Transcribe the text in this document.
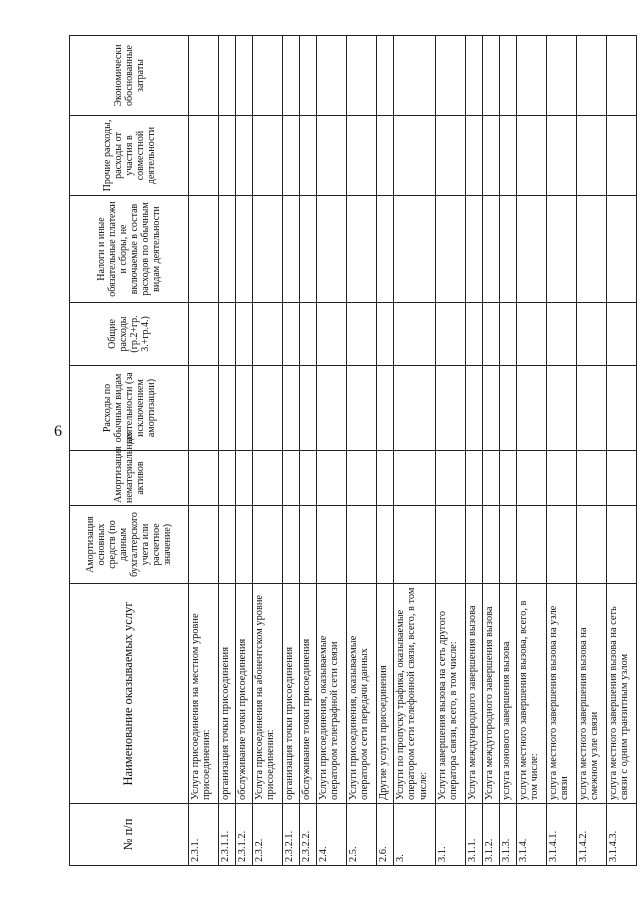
6
№ п/п	Наименование оказываемых услуг	Амортизация основных средств (по данным бухгалтерского учета или расчетное значение)	Амортизация нематериальных активов	Расходы по обычным видам деятельности (за исключением амортизации)	Общие расходы (гр.2+гр. 3.+гр.4.)	Налоги и иные обязательные платежи и сборы, не включаемые в состав расходов по обычным видам деятельности	Прочие расходы, расходы от участия в совместной деятельности	Экономически обоснованные затраты
2.3.1.	Услуга присоединения на местном уровне присоединения:							
2.3.1.1.	организация точки присоединения							
2.3.1.2.	обслуживание точки присоединения							
2.3.2.	Услуга присоединения на абонентском уровне присоединения:							
2.3.2.1.	организация точки присоединения							
2.3.2.2.	обслуживание точки присоединения							
2.4.	Услуги присоединения, оказываемые оператором телеграфной сети связи							
2.5.	Услуги присоединения, оказываемые оператором сети передачи данных							
2.6.	Другие услуги присоединения							
3.	Услуги по пропуску трафика, оказываемые оператором сети телефонной связи, всего, в том числе:							
3.1.	Услуги завершения вызова на сеть другого оператора связи, всего, в том числе:							
3.1.1.	Услуга международного завершения вызова							
3.1.2.	Услуга междугородного завершения вызова							
3.1.3.	услуга зонового завершения вызова							
3.1.4.	услуги местного завершения вызова, всего, в том числе:							
3.1.4.1.	услуга местного завершения вызова на узле связи							
3.1.4.2.	услуга местного завершения вызова на смежном узле связи							
3.1.4.3.	услуга местного завершения вызова на сеть связи с одним транзитным узлом							
